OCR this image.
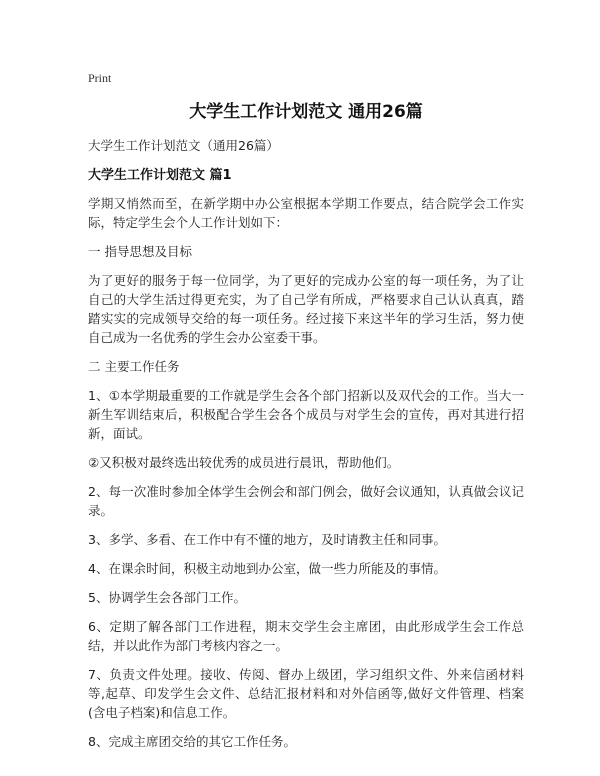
Print
大学生工作计划范文 通用26篇
大学生工作计划范文（通用26篇）
大学生工作计划范文 篇1

学期又悄然而至，在新学期中办公室根据本学期工作要点，结合院学会工作实际，特定学生会个人工作计划如下：

一 指导思想及目标

为了更好的服务于每一位同学，为了更好的完成办公室的每一项任务，为了让自己的大学生活过得更充实，为了自己学有所成，严格要求自己认认真真，踏踏实实的完成领导交给的每一项任务。经过接下来这半年的学习生活，努力使自己成为一名优秀的学生会办公室委干事。

二 主要工作任务

1、①本学期最重要的工作就是学生会各个部门招新以及双代会的工作。当大一新生军训结束后，积极配合学生会各个成员与对学生会的宣传，再对其进行招新，面试。

②又积极对最终选出较优秀的成员进行晨讯，帮助他们。

2、每一次准时参加全体学生会例会和部门例会，做好会议通知，认真做会议记录。

3、多学、多看、在工作中有不懂的地方，及时请教主任和同事。

4、在课余时间，积极主动地到办公室，做一些力所能及的事情。

5、协调学生会各部门工作。

6、定期了解各部门工作进程，期末交学生会主席团，由此形成学生会工作总结，并以此作为部门考核内容之一。

7、负责文件处理。接收、传阅、督办上级团，学习组织文件、外来信函材料等,起草、印发学生会文件、总结汇报材料和对外信函等,做好文件管理、档案(含电子档案)和信息工作。

8、完成主席团交给的其它工作任务。
